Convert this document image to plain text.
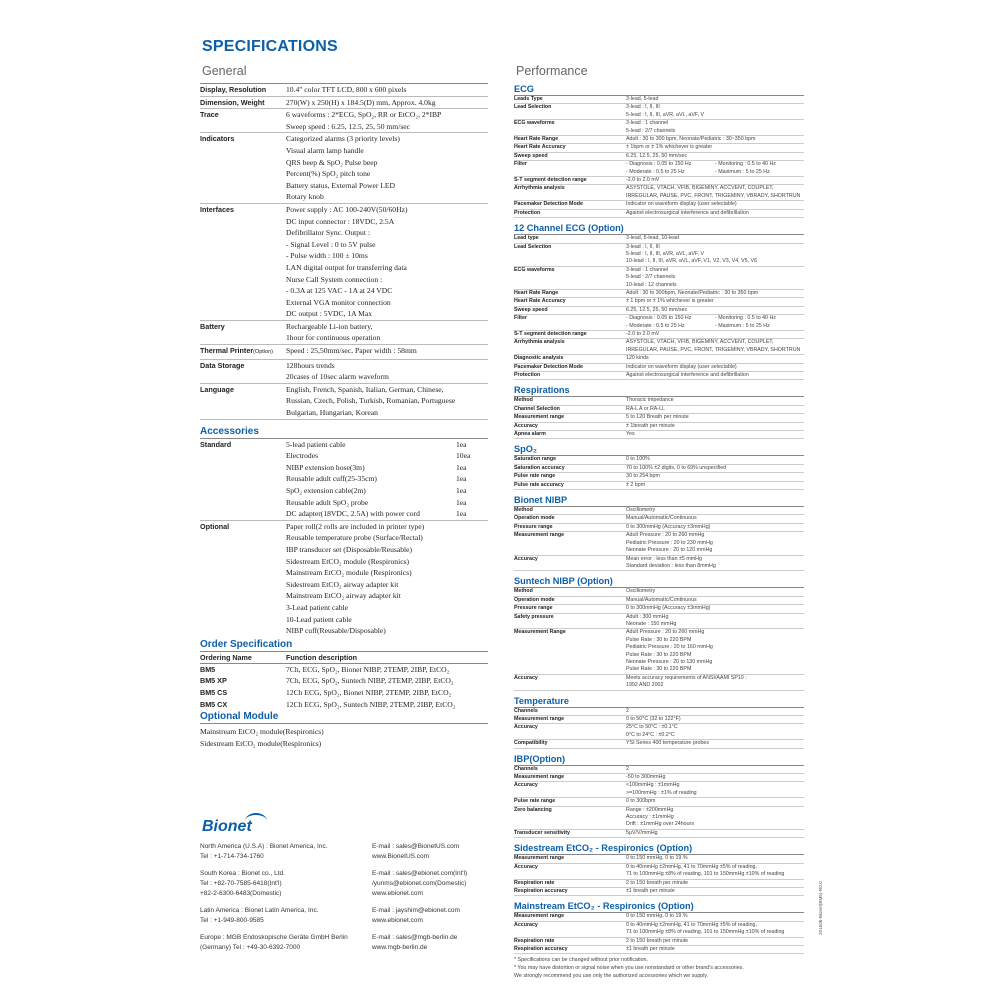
SPECIFICATIONS
General
Display, Resolution	10.4" color TFT LCD, 800 x 600 pixels
Dimension, Weight	270(W) x 250(H) x 184.5(D) mm, Approx. 4.0kg
Trace	6 waveforms : 2*ECG, SpO₂, RR or EtCO₂, 2*IBP
Sweep speed : 6.25, 12.5, 25, 50 mm/sec
Indicators	Categorized alarms (3 priority levels)
Visual alarm lamp handle
QRS beep & SpO₂ Pulse beep
Percent(%) SpO₂ pitch tone
Battery status, External Power LED
Rotary knob
Interfaces	Power supply : AC 100-240V(50/60Hz)
DC input connector : 18VDC, 2.5A
Defibrillator Sync. Output :
- Signal Level : 0 to 5V pulse
- Pulse width : 100 ± 10ms
LAN digital output for transferring data
Nurse Call System connection :
- 0.3A at 125 VAC - 1A at 24 VDC
External VGA monitor connection
DC output : 5VDC, 1A Max
Battery	Rechargeable Li-ion battery,
1hour for continuous operation
Thermal Printer(Option)	Speed : 25,50mm/sec, Paper width : 58mm
Data Storage	128hours trends
20cases of 10sec alarm waveform
Language	English, French, Spanish, Italian, German, Chinese,
Russian, Czech, Polish, Turkish, Romanian, Portuguese
Bulgarian, Hungarian, Korean
Accessories
Standard	5-lead patient cable	1ea
Electrodes	10ea
NIBP extension hose(3m)	1ea
Reusable adult cuff(25-35cm)	1ea
SpO₂ extension cable(2m)	1ea
Reusable adult SpO₂ probe	1ea
DC adapter(18VDC, 2.5A) with power cord	1ea
Optional	Paper roll(2 rolls are included in printer type)
Reusable temperature probe (Surface/Rectal)
IBP transducer set (Disposable/Reusable)
Sidestream EtCO₂ module (Respironics)
Mainstream EtCO₂ module (Respironics)
Sidestream EtCO₂ airway adapter kit
Mainstream EtCO₂ airway adapter kit
3-Lead patient cable
10-Lead patient cable
NIBP cuff(Reusable/Disposable)
Order Specification
Ordering Name	Function description
BM5	7Ch, ECG, SpO₂, Bionet NIBP, 2TEMP, 2IBP, EtCO₂
BM5 XP	7Ch, ECG, SpO₂, Suntech NIBP, 2TEMP, 2IBP, EtCO₂
BM5 CS	12Ch ECG, SpO₂, Bionet NIBP, 2TEMP, 2IBP, EtCO₂
BM5 CX	12Ch ECG, SpO₂, Suntech NIBP, 2TEMP, 2IBP, EtCO₂
Optional Module
Mainstream EtCO₂ module(Respironics)
Sidestream EtCO₂ module(Respironics)
Bionet
North America (U.S.A) : Bionet America, Inc.
Tel : +1-714-734-1760
E-mail : sales@BionetUS.com
www.BionetUS.com
South Korea : Bionet co., Ltd.
Tel : +82-70-7585-6418(Int'l)
+82-2-6300-6483(Domestic)
E-mail : sales@ebionet.com(Int'l)
/yunms@ebionet.com(Domestic)
www.ebionet.com
Latin America : Bionet Latin America, Inc.
Tel : +1-949-800-9585
E-mail : jayshim@ebionet.com
www.ebionet.com
Europe : MGB Endoskopische Geräte GmbH Berlin
(Germany) Tel : +49-30-6392-7000
E-mail : sales@mgb-berlin.de
www.mgb-berlin.de
Performance
ECG
Leads Type	3-lead, 5-lead
Lead Selection	3-lead : I, II, III
5-lead : I, II, III, aVR, aVL, aVF, V
ECG waveforms	3-lead : 1 channel
5-lead : 2/7 channels
Heart Rate Range	Adult : 30 to 300 bpm, Neonate/Pediatric : 30~350 bpm
Heart Rate Accuracy	± 1bpm or ± 1% whichever is greater
Sweep speed	6.25, 12.5, 25, 50 mm/sec
Filter	- Diagnosis : 0.05 to 150 Hz	- Monitoring : 0.5 to 40 Hz
- Moderate : 0.5 to 25 Hz	- Maximum : 5 to 25 Hz
S-T segment detection range	-2.0 to 2.0 mV
Arrhythmia analysis	ASYSTOLE, VTACH, VFIB, BIGEMINY, ACCVENT, COUPLET,
IRREGULAR, PAUSE, PVC, FRONT, TRIGEMINY, VBRADY, SHORTRUN
Pacemaker Detection Mode	Indicator on waveform display (user selectable)
Protection	Against electrosurgical interference and defibrillation
12 Channel ECG (Option)
Lead type	3-lead, 5-lead, 10-lead
Lead Selection	3-lead : I, II, III
5-lead : I, II, III, aVR, aVL, aVF, V
10-lead : I, II, III, aVR, aVL, aVF, V1, V2, V3, V4, V5, V6
ECG waveforms	3-lead : 1 channel
5-lead : 2/7 channels
10-lead : 12 channels
Heart Rate Range	Adult : 30 to 300bpm, Neonate/Pediatric : 30 to 350 bpm
Heart Rate Accuracy	± 1 bpm or ± 1% whichever is greater
Sweep speed	6.25, 12.5, 25, 50 mm/sec
Filter	- Diagnosis : 0.05 to 150 Hz	- Monitoring : 0.5 to 40 Hz
- Moderate : 0.5 to 25 Hz	- Maximum : 5 to 25 Hz
S-T segment detection range	-2.0 to 2.0 mV
Arrhythmia analysis	ASYSTOLE, VTACH, VFIB, BIGEMINY, ACCVENT, COUPLET,
IRREGULAR, PAUSE, PVC, FRONT, TRIGEMINY, VBRADY, SHORTRUN
Diagnostic analysis	120 kinds
Pacemaker Detection Mode	Indicator on waveform display (user selectable)
Protection	Against electrosurgical interference and defibrillation
Respirations
Method	Thoracic impedance
Channel Selection	RA-L A or RA-LL
Measurement range	5 to 120 Breath per minute
Accuracy	± 1breath per minute
Apnea alarm	Yes
SpO₂
Saturation range	0 to 100%
Saturation accuracy	70 to 100% ±2 digits, 0 to 69% unspecified
Pulse rate range	30 to 254 bpm
Pulse rate accuracy	± 2 bpm
Bionet NIBP
Method	Oscillometry
Operation mode	Manual/Automatic/Continuous
Pressure range	0 to 300mmHg (Accuracy ±3mmHg)
Measurement range	Adult Pressure : 20 to 260 mmHg
Pediatric Pressure : 20 to 230 mmHg
Neonate Pressure : 20 to 120 mmHg
Accuracy	Mean error : less than ±5 mmHg
Standard deviation : less than 8mmHg
Suntech NIBP (Option)
Method	Oscillometry
Operation mode	Manual/Automatic/Continuous
Pressure range	0 to 300mmHg (Accuracy ±3mmHg)
Safety pressure	Adult : 300 mmHg
Neonate : 150 mmHg
Measurement Range	Adult Pressure : 20 to 260 mmHg
Pulse Rate : 30 to 220 BPM
Pediatric Pressure : 20 to 160 mmHg
Pulse Rate : 30 to 220 BPM
Neonate Pressure : 20 to 130 mmHg
Pulse Rate : 30 to 220 BPM
Accuracy	Meets accuracy requirements of ANSI/AAMI SP10 :
1992 AND 2002
Temperature
Channels	2
Measurement range	0 to 50°C (32 to 122°F)
Accuracy	25°C to 50°C : ±0.1°C
0°C to 24°C : ±0.2°C
Compatibility	YSI Series 400 temperature probes
IBP(Option)
Channels	2
Measurement range	-50 to 300mmHg
Accuracy	<100mmHg : ±1mmHg
>=100mmHg : ±1% of reading
Pulse rate range	0 to 300bpm
Zero balancing	Range : ±200mmHg
Accuracy : ±1mmHg
Drift : ±1mmHg over 24hours
Transducer sensitivity	5μV/V/mmHg
Sidestream EtCO₂ - Respironics (Option)
Measurement range	0 to 150 mmHg, 0 to 19.%
Accuracy	0 to 40mmHg ±2mmHg, 41 to 70mmHg ±5% of reading,
71 to 100mmHg ±8% of reading, 101 to 150mmHg ±10% of reading
Respiration rate	2 to 150 breath per minute
Respiration accuracy	±1 breath per minute
Mainstream EtCO₂ - Respironics (Option)
Measurement range	0 to 150 mmHg, 0 to 19.%
Accuracy	0 to 40mmHg ±2mmHg, 41 to 70mmHg ±5% of reading,
71 to 100mmHg ±8% of reading, 101 to 150mmHg ±10% of reading
Respiration rate	2 to 150 breath per minute
Respiration accuracy	±1 breath per minute
* Specifications can be changed without prior notification.
* You may have distortion or signal noise when you use nonstandard or other brand's accessories.
We strongly recommend you use only the authorized accessories which we supply.
201506-Bionet(BM5)-R0.0
